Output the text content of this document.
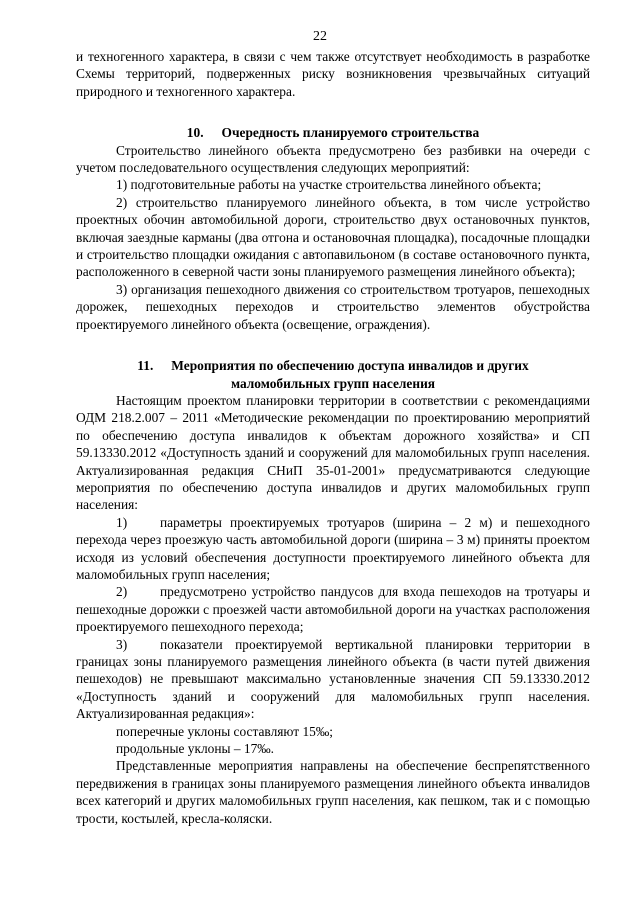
22

и техногенного характера, в связи с чем также отсутствует необходимость в разработке Схемы территорий, подверженных риску возникновения чрезвычайных ситуаций природного и техногенного характера.

10. Очередность планируемого строительства

Строительство линейного объекта предусмотрено без разбивки на очереди с учетом последовательного осуществления следующих мероприятий:

1) подготовительные работы на участке строительства линейного объекта;

2) строительство планируемого линейного объекта, в том числе устройство проектных обочин автомобильной дороги, строительство двух остановочных пунктов, включая заездные карманы (два отгона и остановочная площадка), посадочные площадки и строительство площадки ожидания с автопавильоном (в составе остановочного пункта, расположенного в северной части зоны планируемого размещения линейного объекта);

3) организация пешеходного движения со строительством тротуаров, пешеходных дорожек, пешеходных переходов и строительство элементов обустройства проектируемого линейного объекта (освещение, ограждения).

11. Мероприятия по обеспечению доступа инвалидов и других маломобильных групп населения

Настоящим проектом планировки территории в соответствии с рекомендациями ОДМ 218.2.007 – 2011 «Методические рекомендации по проектированию мероприятий по обеспечению доступа инвалидов к объектам дорожного хозяйства» и СП 59.13330.2012 «Доступность зданий и сооружений для маломобильных групп населения. Актуализированная редакция СНиП 35-01-2001» предусматриваются следующие мероприятия по обеспечению доступа инвалидов и других маломобильных групп населения:

1) параметры проектируемых тротуаров (ширина – 2 м) и пешеходного перехода через проезжую часть автомобильной дороги (ширина – 3 м) приняты проектом исходя из условий обеспечения доступности проектируемого линейного объекта для маломобильных групп населения;

2) предусмотрено устройство пандусов для входа пешеходов на тротуары и пешеходные дорожки с проезжей части автомобильной дороги на участках расположения проектируемого пешеходного перехода;

3) показатели проектируемой вертикальной планировки территории в границах зоны планируемого размещения линейного объекта (в части путей движения пешеходов) не превышают максимально установленные значения СП 59.13330.2012 «Доступность зданий и сооружений для маломобильных групп населения. Актуализированная редакция»:

поперечные уклоны составляют 15‰;

продольные уклоны – 17‰.

Представленные мероприятия направлены на обеспечение беспрепятственного передвижения в границах зоны планируемого размещения линейного объекта инвалидов всех категорий и других маломобильных групп населения, как пешком, так и с помощью трости, костылей, кресла-коляски.
